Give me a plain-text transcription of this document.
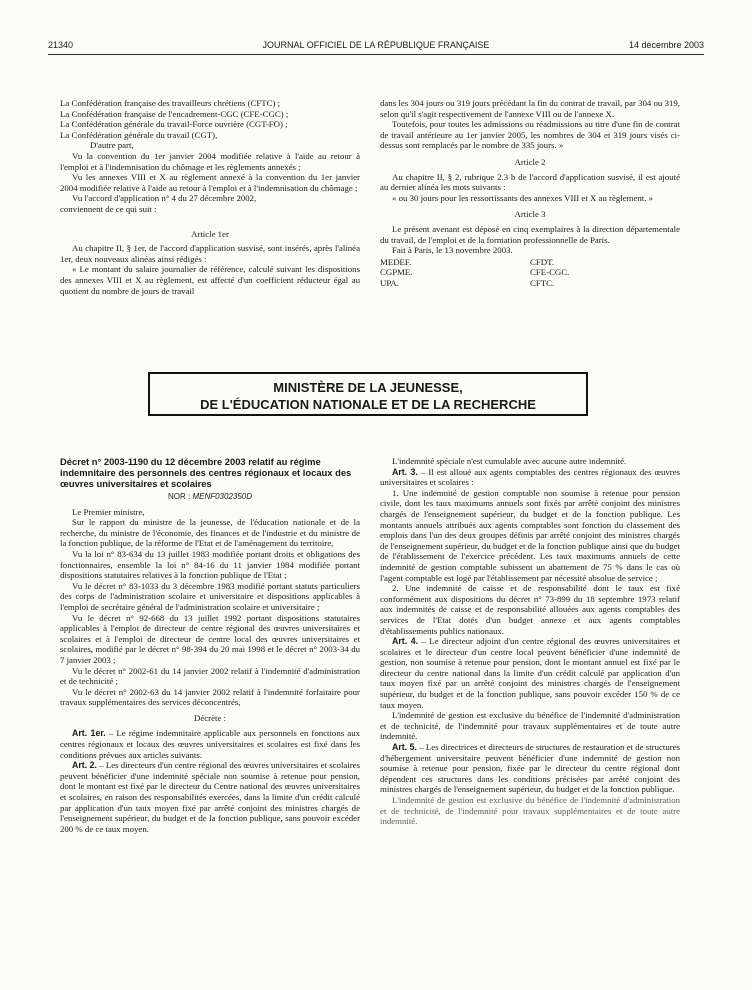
21340	JOURNAL OFFICIEL DE LA RÉPUBLIQUE FRANÇAISE	14 décembre 2003

La Confédération française des travailleurs chrétiens (CFTC) ;

La Confédération française de l'encadrement-CGC (CFE-CGC) ;

La Confédération générale du travail-Force ouvrière (CGT-FO) ;

La Confédération générale du travail (CGT),

D'autre part,

Vu la convention du 1er janvier 2004 modifiée relative à l'aide au retour à l'emploi et à l'indemnisation du chômage et les règlements annexés ;

Vu les annexes VIII et X au règlement annexé à la convention du 1er janvier 2004 modifiée relative à l'aide au retour à l'emploi et à l'indemnisation du chômage ;

Vu l'accord d'application n° 4 du 27 décembre 2002,

conviennent de ce qui suit :

Article 1er

Au chapitre II, § 1er, de l'accord d'application susvisé, sont insérés, après l'alinéa 1er, deux nouveaux alinéas ainsi rédigés :

« Le montant du salaire journalier de référence, calculé suivant les dispositions des annexes VIII et X au règlement, est affecté d'un coefficient réducteur égal au quotient du nombre de jours de travail

dans les 304 jours ou 319 jours précédant la fin du contrat de travail, par 304 ou 319, selon qu'il s'agit respectivement de l'annexe VIII ou de l'annexe X.

Toutefois, pour toutes les admissions ou réadmissions au titre d'une fin de contrat de travail antérieure au 1er janvier 2005, les nombres de 304 et 319 jours visés ci-dessus sont remplacés par le nombre de 335 jours. »

Article 2

Au chapitre II, § 2, rubrique 2.3 b de l'accord d'application susvisé, il est ajouté au dernier alinéa les mots suivants :

« ou 30 jours pour les ressortissants des annexes VIII et X au règlement. »

Article 3

Le présent avenant est déposé en cinq exemplaires à la direction départementale du travail, de l'emploi et de la formation professionnelle de Paris.

Fait à Paris, le 13 novembre 2003.

MEDEF.	CFDT.
CGPME.	CFE-CGC.
UPA.	CFTC.
MINISTÈRE DE LA JEUNESSE,
DE L'ÉDUCATION NATIONALE ET DE LA RECHERCHE

Décret n° 2003-1190 du 12 décembre 2003 relatif au régime indemnitaire des personnels des centres régionaux et locaux des œuvres universitaires et scolaires

NOR : MENF0302350D

Le Premier ministre,

Sur le rapport du ministre de la jeunesse, de l'éducation nationale et de la recherche, du ministre de l'économie, des finances et de l'industrie et du ministre de la fonction publique, de la réforme de l'Etat et de l'aménagement du territoire,

Vu la loi n° 83-634 du 13 juillet 1983 modifiée portant droits et obligations des fonctionnaires, ensemble la loi n° 84-16 du 11 janvier 1984 modifiée portant dispositions statutaires relatives à la fonction publique de l'Etat ;

Vu le décret n° 83-1033 du 3 décembre 1983 modifié portant statuts particuliers des corps de l'administration scolaire et universitaire et dispositions applicables à l'emploi de secrétaire général de l'administration scolaire et universitaire ;

Vu le décret n° 92-668 du 13 juillet 1992 portant dispositions statutaires applicables à l'emploi de directeur de centre régional des œuvres universitaires et scolaires et à l'emploi de directeur de centre local des œuvres universitaires et scolaires, modifié par le décret n° 98-394 du 20 mai 1998 et le décret n° 2003-34 du 7 janvier 2003 ;

Vu le décret n° 2002-61 du 14 janvier 2002 relatif à l'indemnité d'administration et de technicité ;

Vu le décret n° 2002-63 du 14 janvier 2002 relatif à l'indemnité forfaitaire pour travaux supplémentaires des services déconcentrés,

Décrète :

Art. 1er. – Le régime indemnitaire applicable aux personnels en fonctions aux centres régionaux et locaux des œuvres universitaires et scolaires est fixé dans les conditions prévues aux articles suivants.

Art. 2. – Les directeurs d'un centre régional des œuvres universitaires et scolaires peuvent bénéficier d'une indemnité spéciale non soumise à retenue pour pension, dont le montant est fixé par le directeur du Centre national des œuvres universitaires et scolaires, en raison des responsabilités exercées, dans la limite d'un crédit calculé par application d'un taux moyen fixé par arrêté conjoint des ministres chargés de l'enseignement supérieur, du budget et de la fonction publique, sans pouvoir excéder 200 % de ce taux moyen.

L'indemnité spéciale n'est cumulable avec aucune autre indemnité.

Art. 3. – Il est alloué aux agents comptables des centres régionaux des œuvres universitaires et scolaires :

1. Une indemnité de gestion comptable non soumise à retenue pour pension civile, dont les taux maximums annuels sont fixés par arrêté conjoint des ministres chargés de l'enseignement supérieur, du budget et de la fonction publique. Les montants annuels attribués aux agents comptables sont fonction du classement des emplois dans l'un des deux groupes définis par arrêté conjoint des ministres chargés de l'enseignement supérieur, du budget et de la fonction publique ainsi que du budget de l'établissement de l'exercice précédent. Les taux maximums annuels de cette indemnité de gestion comptable subissent un abattement de 75 % dans le cas où l'agent comptable est logé par l'établissement par nécessité absolue de service ;

2. Une indemnité de caisse et de responsabilité dont le taux est fixé conformément aux dispositions du décret n° 73-899 du 18 septembre 1973 relatif aux indemnités de caisse et de responsabilité allouées aux agents comptables des services de l'Etat dotés d'un budget annexe et aux agents comptables d'établissements publics nationaux.

Art. 4. – Le directeur adjoint d'un centre régional des œuvres universitaires et scolaires et le directeur d'un centre local peuvent bénéficier d'une indemnité de gestion, non soumise à retenue pour pension, dont le montant annuel est fixé par le directeur du centre national dans la limite d'un crédit calculé par application d'un taux moyen fixé par un arrêté conjoint des ministres chargés de l'enseignement supérieur, du budget et de la fonction publique, sans pouvoir excéder 150 % de ce taux moyen.

L'indemnité de gestion est exclusive du bénéfice de l'indemnité d'administration et de technicité, de l'indemnité pour travaux supplémentaires et de toute autre indemnité.

Art. 5. – Les directrices et directeurs de structures de restauration et de structures d'hébergement universitaire peuvent bénéficier d'une indemnité de gestion non soumise à retenue pour pension, fixée par le directeur du centre régional dont dépendent ces structures dans les conditions précisées par arrêté conjoint des ministres chargés de l'enseignement supérieur, du budget et de la fonction publique.

L'indemnité de gestion est exclusive du bénéfice de l'indemnité d'administration et de technicité, de l'indemnité pour travaux supplémentaires et de toute autre indemnité.
